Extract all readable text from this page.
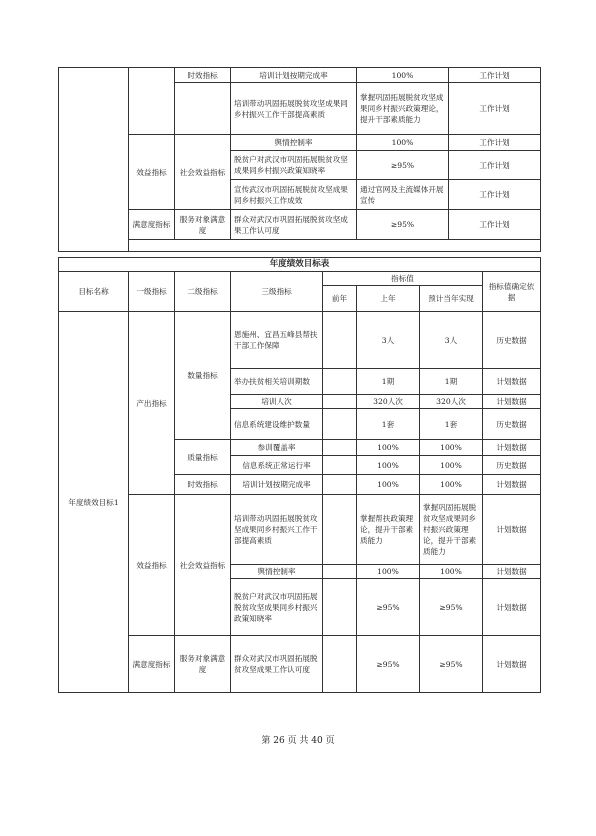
		时效指标	培训计划按期完成率	100%	工作计划
			培训带动巩固拓展脱贫攻坚成果同乡村振兴工作干部提高素质	掌握巩固拓展脱贫攻坚成果同乡村振兴政策理论，提升干部素质能力	工作计划
	效益指标	社会效益指标	舆情控制率	100%	工作计划
			脱贫户对武汉市巩固拓展脱贫攻坚成果同乡村振兴政策知晓率	≥95%	工作计划
			宣传武汉市巩固拓展脱贫攻坚成果同乡村振兴工作成效	通过官网及主流媒体开展宣传	工作计划
	满意度指标	服务对象满意度	群众对武汉市巩固拓展脱贫攻坚成果工作认可度	≥95%	工作计划

年度绩效目标表							
目标名称	一级指标	二级指标	三级指标	指标值			指标值确定依据
				前年	上年	预计当年实现	
年度绩效目标1	产出指标	数量指标	恩施州、宜昌五峰县帮扶干部工作保障		3人	3人	历史数据
			举办扶贫相关培训期数		1期	1期	计划数据
			培训人次		320人次	320人次	计划数据
			信息系统建设维护数量		1套	1套	历史数据
		质量指标	参训覆盖率		100%	100%	计划数据
			信息系统正常运行率		100%	100%	历史数据
		时效指标	培训计划按期完成率		100%	100%	计划数据
	效益指标	社会效益指标	培训带动巩固拓展脱贫攻坚成果同乡村振兴工作干部提高素质		掌握帮扶政策理论，提升干部素质能力	掌握巩固拓展脱贫攻坚成果同乡村振兴政策理论，提升干部素质能力	计划数据
			舆情控制率		100%	100%	计划数据
			脱贫户对武汉市巩固拓展脱贫攻坚成果同乡村振兴政策知晓率		≥95%	≥95%	计划数据
	满意度指标	服务对象满意度	群众对武汉市巩固拓展脱贫攻坚成果工作认可度		≥95%	≥95%	计划数据
第 26 页 共 40 页
